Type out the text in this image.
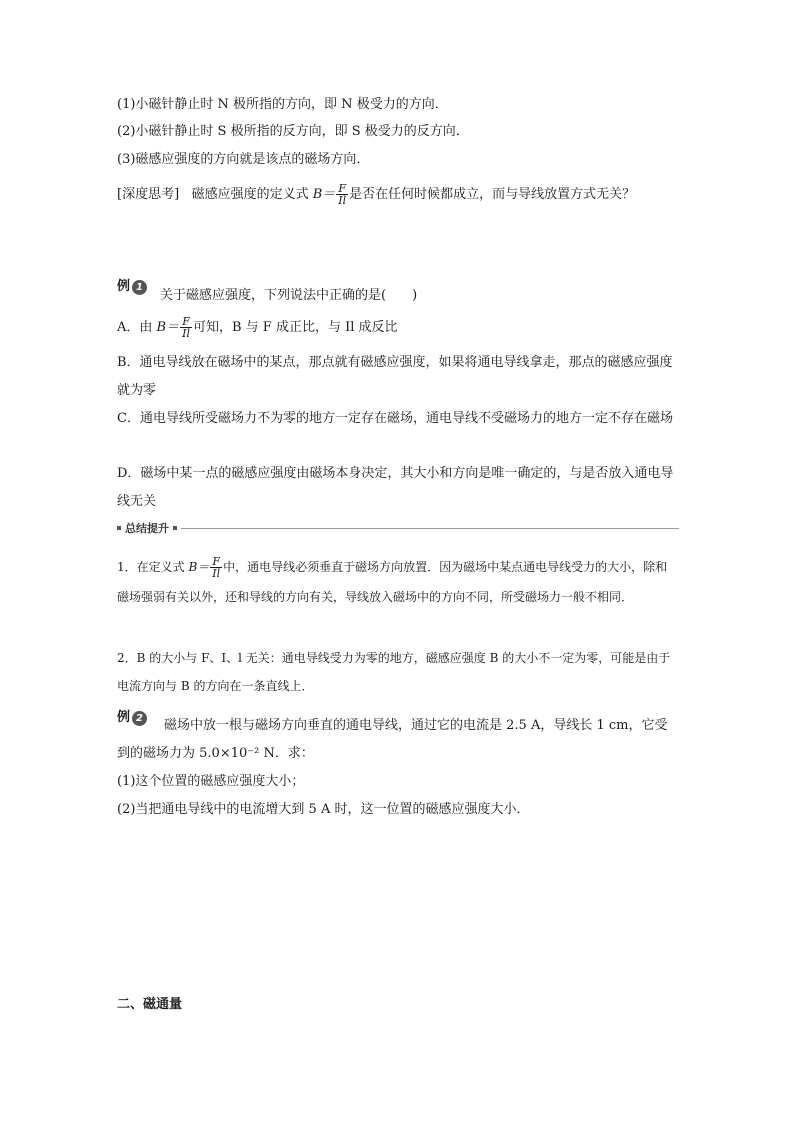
(1)小磁针静止时 N 极所指的方向，即 N 极受力的方向．
(2)小磁针静止时 S 极所指的反方向，即 S 极受力的反方向．
(3)磁感应强度的方向就是该点的磁场方向．
[深度思考] 磁感应强度的定义式 $B= \frac{F}{Il}$ 是否在任何时候都成立，而与导线放置方式无关？
例 1
关于磁感应强度，下列说法中正确的是(　　)
A．由 $B= \frac{F}{Il}$ 可知，B 与 F 成正比，与 Il 成反比
B．通电导线放在磁场中的某点，那点就有磁感应强度，如果将通电导线拿走，那点的磁感应强度就为零
C．通电导线所受磁场力不为零的地方一定存在磁场，通电导线不受磁场力的地方一定不存在磁场
D．磁场中某一点的磁感应强度由磁场本身决定，其大小和方向是唯一确定的，与是否放入通电导线无关
总结提升
1．在定义式 $B= \frac{F}{Il}$ 中，通电导线必须垂直于磁场方向放置．因为磁场中某点通电导线受力的大小，除和磁场强弱有关以外，还和导线的方向有关，导线放入磁场中的方向不同，所受磁场力一般不相同．
2．B 的大小与 F、I、l 无关：通电导线受力为零的地方，磁感应强度 B 的大小不一定为零，可能是由于电流方向与 B 的方向在一条直线上．
例 2	磁场中放一根与磁场方向垂直的通电导线，通过它的电流是 2.5 A，导线长 1 cm，它受到的磁场力为 5.0×10⁻² N．求：
(1)这个位置的磁感应强度大小；
(2)当把通电导线中的电流增大到 5 A 时，这一位置的磁感应强度大小．
二、磁通量
